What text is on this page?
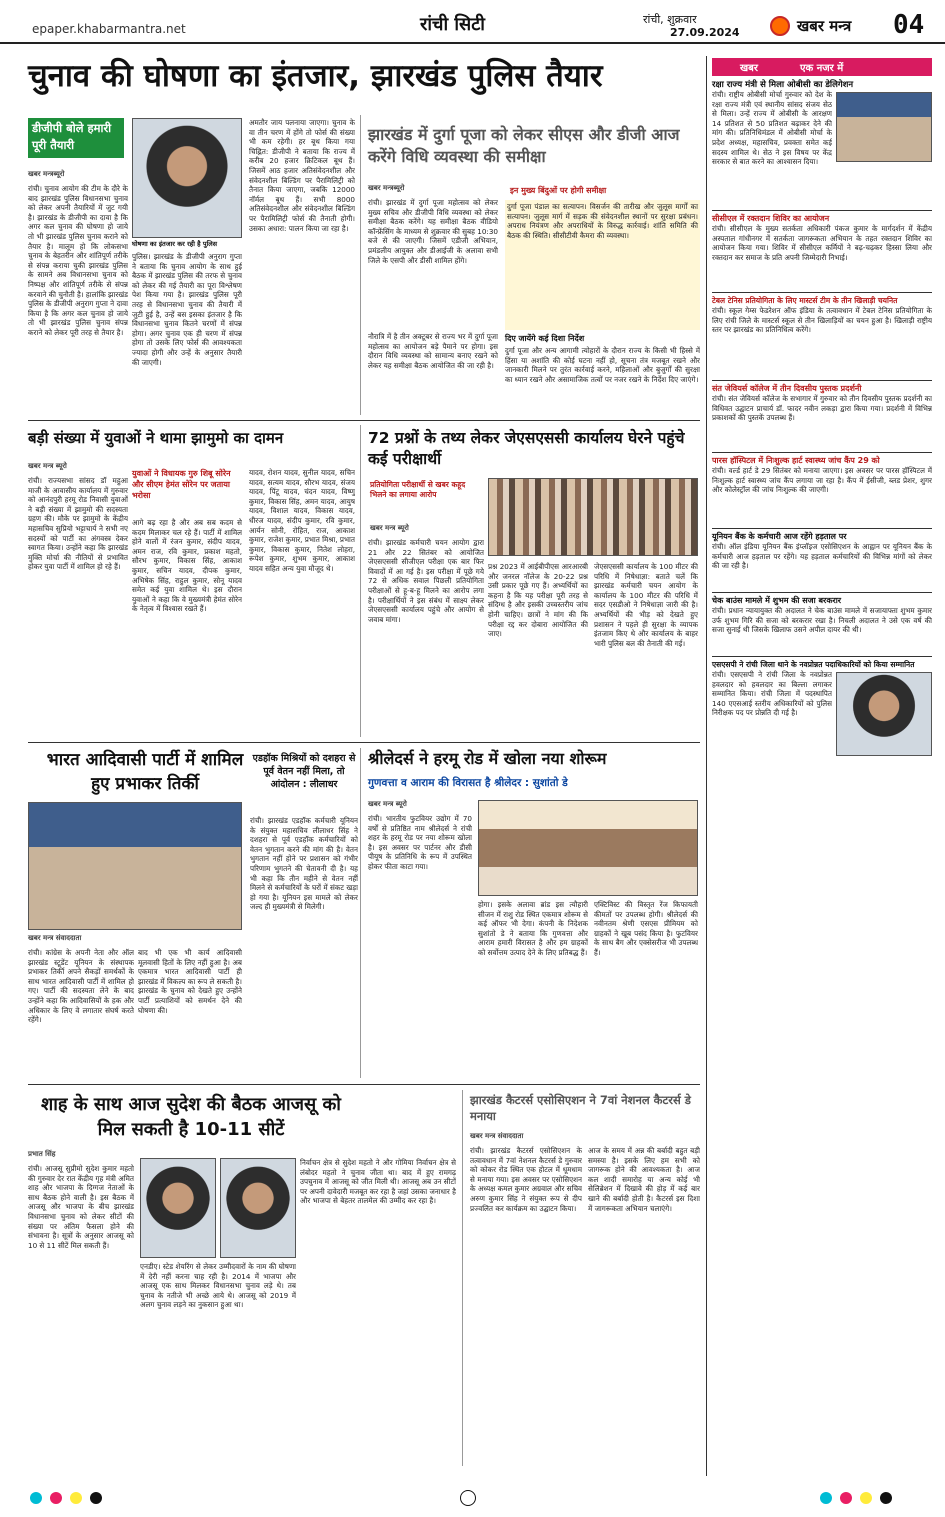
epaper.khabarmantra.net	रांची सिटी	रांची, शुक्रवार
27.09.2024	खबर मन्त्र 04
चुनाव की घोषणा का इंतजार, झारखंड पुलिस तैयार
डीजीपी बोले हमारी पूरी तैयारी
खबर मन्त्रब्यूरो
रांची। चुनाव आयोग की टीम के दौरे के बाद झारखंड पुलिस विधानसभा चुनाव को लेकर अपनी तैयारियों में जुट गयी है। झारखंड के डीजीपी का दावा है कि अगर कल चुनाव की घोषणा हो जाये तो भी झारखंड पुलिस चुनाव कराने को तैयार है। मालूम हो कि लोकसभा चुनाव के बेहतरीन और शांतिपूर्ण तरीके से संपन्न कराया चुकी झारखंड पुलिस के सामने अब विधानसभा चुनाव को निष्पक्ष और शांतिपूर्ण तरीके से संपन्न करवाने की चुनौती है। हालांकि झारखंड पुलिस के डीजीपी अनुराग गुप्ता ने दावा किया है कि अगर कल चुनाव हो जाये तो भी झारखंड पुलिस चुनाव संपन्न कराने को लेकर पूरी तरह से तैयार है।
घोषणा का इंतजार कर रही है पुलिस
पुलिस। झारखंड के डीजीपी अनुराग गुप्ता ने बताया कि चुनाव आयोग के साथ हुई बैठक में झारखंड पुलिस की तरफ से चुनाव को लेकर की गई तैयारी का पूरा विश्लेषण पेश किया गया है। झारखंड पुलिस पूरी तरह से विधानसभा चुनाव की तैयारी में जुटी हुई है, उन्हें बस इसका इंतजार है कि विधानसभा चुनाव कितने चरणों में संपन्न होगा। अगर चुनाव एक ही चरण में संपन्न होगा तो उसके लिए फोर्स की आवश्यकता ज्यादा होगी और उन्हें के अनुसार तैयारी की जाएगी।
अमतौर जाय पलनाया जाएगा। चुनाव के वा तीन चरण में होंगे तो फोर्स की संख्या भी कम रहेगी। हर बूथ किया गया चिह्नित: डीजीपी ने बताया कि राज्य में करीब 20 हजार क्रिटिकल बूथ हैं। जिसमें आठ हजार अतिसंवेदनशील और संवेदनशील बिल्डिंग पर पैरामिलिट्री को तैनात किया जाएगा, जबकि 12000 नॉर्मल बूथ हैं। सभी 8000 अतिसंवेदनशील और संवेदनशील बिल्डिंग पर पैरामिलिट्री फोर्स की तैनाती होगी। उसका अधारा: पालन किया जा रहा है।
झारखंड में दुर्गा पूजा को लेकर सीएस और डीजी आज करेंगे विधि व्यवस्था की समीक्षा
खबर मन्त्रब्यूरो
रांची। झारखंड में दुर्गा पूजा महोत्सव को लेकर मुख्य सचिव और डीजीपी विधि व्यवस्था को लेकर समीक्षा बैठक करेंगे। यह समीक्षा बैठक वीडियो कॉन्फ्रेंसिंग के माध्यम से शुक्रवार की सुबह 10:30 बजे से की जाएगी। जिसमें एडीजी अभियान, प्रमंडलीय आयुक्त और डीआईजी के अलावा सभी जिले के एसपी और डीसी शामिल होंगे।
नौरात्रि में है तीन अक्टूबर से राज्य भर में दुर्गा पूजा महोत्सव का आयोजन बड़े पैमाने पर होगा। इस दौरान विधि व्यवस्था को सामान्य बनाए रखने को लेकर यह समीक्षा बैठक आयोजित की जा रही है।
इन मुख्य बिंदुओं पर होगी समीक्षा
दुर्गा पूजा पंडाल का सत्यापन। विसर्जन की तारीख और जुलूस मार्गों का सत्यापन। जुलूस मार्ग में सड़क की संवेदनशील स्थानों पर सुरक्षा प्रबंधन। अपराध नियंत्रण और अपराधियों के विरुद्ध कार्रवाई। शांति समिति की बैठक की स्थिति। सीसीटीवी कैमरा की व्यवस्था।
दिए जायेंगे कई दिशा निर्देश
दुर्गा पूजा और अन्य आगामी त्योहारों के दौरान राज्य के किसी भी हिस्से में हिंसा या अशांति की कोई घटना नहीं हो, सूचना तंत्र मजबूत रखने और जानकारी मिलने पर तुरंत कार्रवाई करने, महिलाओं और बुजुर्गों की सुरक्षा का ध्यान रखने और असामाजिक तत्वों पर नजर रखने के निर्देश दिए जाएंगे।
बड़ी संख्या में युवाओं ने थामा झामुमो का दामन
खबर मन्त्र ब्यूरो
रांची। राज्यसभा सांसद डॉ महुआ माजी के आवासीय कार्यालय में गुरुवार को आनंदपुरी हरमू रोड निवासी युवाओं ने बड़ी संख्या में झामुमो की सदस्यता ग्रहण की। मौके पर झामुमो के केंद्रीय महासचिव सुप्रियो भट्टाचार्य ने सभी नए सदस्यों को पार्टी का अंगवस्त्र देकर स्वागत किया। उन्होंने कहा कि झारखंड मुक्ति मोर्चा की नीतियों से प्रभावित होकर युवा पार्टी में शामिल हो रहे हैं।
युवाओं ने विधायक गुरु शिबू सोरेन और सीएम हेमंत सोरेन पर जताया भरोसा
आगे बढ़ रहा है और अब सब कदम से कदम मिलाकर चल रहे हैं। पार्टी में शामिल होने वालों में रंजन कुमार, संदीप यादव, अमन राज, रवि कुमार, प्रकाश महतो, सौरभ कुमार, विकास सिंह, आकाश कुमार, सचिन यादव, दीपक कुमार, अभिषेक सिंह, राहुल कुमार, सोनू यादव समेत कई युवा शामिल थे। इस दौरान युवाओं ने कहा कि वे मुख्यमंत्री हेमंत सोरेन के नेतृत्व में विश्वास रखते हैं।
यादव, रोशन यादव, सुनील यादव, सचिन यादव, सत्यम यादव, सौरभ यादव, संजय यादव, पिंटू यादव, चंदन यादव, विष्णु कुमार, विकास सिंह, अमन यादव, आयुष यादव, विशाल यादव, विकास यादव, धीरज यादव, संदीप कुमार, रवि कुमार, आर्यन सोनी, रोहित, राज, आकाश कुमार, राजेश कुमार, प्रभात मिश्रा, प्रभात कुमार, विकास कुमार, नितेश लोहरा, रूपेश कुमार, शुभम कुमार, आकाश यादव सहित अन्य युवा मौजूद थे।
72 प्रश्नों के तथ्य लेकर जेएसएससी कार्यालय घेरने पहुंचे कई परीक्षार्थी
प्रतियोगिता परीक्षार्थी से खबर कहूद भिलने का लगाया आरोप
खबर मन्त्र ब्यूरो
रांची। झारखंड कर्मचारी चयन आयोग द्वारा 21 और 22 सितंबर को आयोजित जेएसएससी सीजीएल परीक्षा एक बार फिर विवादों में आ गई है। इस परीक्षा में पूछे गये 72 से अधिक सवाल पिछली प्रतियोगिता परीक्षाओं से हू-ब-हू मिलने का आरोप लगा है। परीक्षार्थियों ने इस संबंध में साक्ष्य लेकर जेएसएससी कार्यालय पहुंचे और आयोग से जवाब मांगा।
प्रश्न 2023 में आईबीपीएस आरआरबी और जनरल नॉलेज के 20-22 प्रश्न उसी प्रकार पूछे गए हैं। अभ्यर्थियों का कहना है कि यह परीक्षा पूरी तरह से संदिग्ध है और इसकी उच्चस्तरीय जांच होनी चाहिए। छात्रों ने मांग की कि परीक्षा रद्द कर दोबारा आयोजित की जाए।
जेएसएससी कार्यालय के 100 मीटर की परिधि में निषेधाज्ञा: बताते चलें कि झारखंड कर्मचारी चयन आयोग के कार्यालय के 100 मीटर की परिधि में सदर एसडीओ ने निषेधाज्ञा जारी की है। अभ्यर्थियों की भीड़ को देखते हुए प्रशासन ने पहले ही सुरक्षा के व्यापक इंतजाम किए थे और कार्यालय के बाहर भारी पुलिस बल की तैनाती की गई।
भारत आदिवासी पार्टी में शामिल हुए प्रभाकर तिर्की
खबर मन्त्र संवाददाता
रांची। कांग्रेस के अपनी नेता और ऑल झारखंड स्टूडेंट यूनियन के संस्थापक प्रभाकर तिर्की अपने सैकड़ों समर्थकों के साथ भारत आदिवासी पार्टी में शामिल हो गए। पार्टी की सदस्यता लेने के बाद उन्होंने कहा कि आदिवासियों के हक और अधिकार के लिए वे लगातार संघर्ष करते रहेंगे।
बाद भी एक भी कार्य आदिवासी मूलवासी हितों के लिए नहीं हुआ है। अब एकमात्र भारत आदिवासी पार्टी ही झारखंड में विकल्प का रूप ले सकती है। झारखंड के चुनाव को देखते हुए उन्होंने पार्टी प्रत्याशियों को समर्थन देने की घोषणा की।
एडहॉक मिश्रियों को दशहरा से पूर्व वेतन नहीं मिला, तो आंदोलन : लीलाधर
रांची। झारखंड एडहॉक कर्मचारी यूनियन के संयुक्त महासचिव लीलाधर सिंह ने दशहरा से पूर्व एडहॉक कर्मचारियों को वेतन भुगतान करने की मांग की है। वेतन भुगतान नहीं होने पर प्रशासन को गंभीर परिणाम भुगतने की चेतावनी दी है। यह भी कहा कि तीन महीने से वेतन नहीं मिलने से कर्मचारियों के घरों में संकट खड़ा हो गया है। यूनियन इस मामले को लेकर जल्द ही मुख्यमंत्री से मिलेगी।
श्रीलेदर्स ने हरमू रोड में खोला नया शोरूम
गुणवत्ता व आराम की विरासत है श्रीलेदर : सुशांतो डे
खबर मन्त्र ब्यूरो
रांची। भारतीय फुटवियर उद्योग में 70 वर्षों से प्रतिष्ठित नाम श्रीलेदर्स ने रांची शहर के हरमू रोड पर नया शोरूम खोला है। इस अवसर पर पार्टनर और डीसी पीयूष के प्रतिनिधि के रूप में उपस्थित होकर फीता काटा गया।
होगा। इसके अलावा ब्रांड इस त्यौहारी सीजन में राशु रोड स्थित एकमात्र शोरूम से कई ऑफर भी देगा। कंपनी के निदेशक सुशांतो डे ने बताया कि गुणवत्ता और आराम हमारी विरासत है और हम ग्राहकों को सर्वोत्तम उत्पाद देने के लिए प्रतिबद्ध हैं।
एक्टिविस्ट की विस्तृत रेंज किफायती कीमतों पर उपलब्ध होगी। श्रीलेदर्स की नवीनतम श्रेणी एसएस प्रीमियम को ग्राहकों ने खूब पसंद किया है। फुटवियर के साथ बैग और एक्सेसरीज भी उपलब्ध हैं।
शाह के साथ आज सुदेश की बैठक आजसू को मिल सकती है 10-11 सीटें
प्रभात सिंह
रांची। आजसू सुप्रीमो सुदेश कुमार महतो की गुरुवार देर रात केंद्रीय गृह मंत्री अमित शाह और भाजपा के दिग्गज नेताओं के साथ बैठक होने वाली है। इस बैठक में आजसू और भाजपा के बीच झारखंड विधानसभा चुनाव को लेकर सीटों की संख्या पर अंतिम फैसला होने की संभावना है। सूत्रों के अनुसार आजसू को 10 से 11 सीटें मिल सकती हैं।
एनडीए। स्टेड शेयरिंग से लेकर उम्मीदवारों के नाम की घोषणा में देरी नहीं करना चाह रही है। 2014 में भाजपा और आजसू एक साथ मिलकर विधानसभा चुनाव लड़े थे। तब चुनाव के नतीजे भी अच्छे आये थे। आजसू को 2019 में अलग चुनाव लड़ने का नुकसान हुआ था।
निर्वाचन क्षेत्र से सुदेश महतो ने और गोमिया निर्वाचन क्षेत्र से लंबोदर महतो ने चुनाव जीता था। बाद में हुए रामगढ़ उपचुनाव में आजसू को जीत मिली थी। आजसू अब उन सीटों पर अपनी दावेदारी मजबूत कर रहा है जहां उसका जनाधार है और भाजपा से बेहतर तालमेल की उम्मीद कर रहा है।
झारखंड कैटरर्स एसोसिएशन ने 7वां नेशनल कैटरर्स डे मनाया
खबर मन्त्र संवाददाता
रांची। झारखंड कैटरर्स एसोसिएशन के तत्वावधान में 7वां नेशनल कैटरर्स डे गुरुवार को कोकर रोड स्थित एक होटल में धूमधाम से मनाया गया। इस अवसर पर एसोसिएशन के अध्यक्ष कमल कुमार अग्रवाल और सचिव अरुण कुमार सिंह ने संयुक्त रूप से दीप प्रज्वलित कर कार्यक्रम का उद्घाटन किया।
आज के समय में अन्न की बर्बादी बहुत बड़ी समस्या है। इसके लिए हम सभी को जागरूक होने की आवश्यकता है। आज कल शादी समारोह या अन्य कोई भी सेलिब्रेशन में दिखावे की होड़ में कई बार खाने की बर्बादी होती है। कैटरर्स इस दिशा में जागरूकता अभियान चलाएंगे।
खबर	एक नजर में
रक्षा राज्य मंत्री से मिला ओबीसी का डेलिगेशन
रांची। राष्ट्रीय ओबीसी मोर्चा गुरुवार को देश के रक्षा राज्य मंत्री एवं स्थानीय सांसद संजय सेठ से मिला। उन्हें राज्य में ओबीसी के आरक्षण 14 प्रतिशत से 50 प्रतिशत बढ़ाकर देने की मांग की। प्रतिनिधिमंडल में ओबीसी मोर्चा के प्रदेश अध्यक्ष, महासचिव, प्रवक्ता समेत कई सदस्य शामिल थे। सेठ ने इस विषय पर केंद्र सरकार से बात करने का आश्वासन दिया।
सीसीएल में रक्तदान शिविर का आयोजन
रांची। सीसीएल के मुख्य सतर्कता अधिकारी पंकज कुमार के मार्गदर्शन में केंद्रीय अस्पताल गांधीनगर में सतर्कता जागरूकता अभियान के तहत रक्तदान शिविर का आयोजन किया गया। शिविर में सीसीएल कर्मियों ने बढ़-चढ़कर हिस्सा लिया और रक्तदान कर समाज के प्रति अपनी जिम्मेदारी निभाई।
टेबल टेनिस प्रतियोगिता के लिए मास्टर्स टीम के तीन खिलाड़ी चयनित
रांची। स्कूल गेम्स फेडरेशन ऑफ इंडिया के तत्वावधान में टेबल टेनिस प्रतियोगिता के लिए रांची जिले के मास्टर्स स्कूल से तीन खिलाड़ियों का चयन हुआ है। खिलाड़ी राष्ट्रीय स्तर पर झारखंड का प्रतिनिधित्व करेंगे।
संत जेवियर्स कॉलेज में तीन दिवसीय पुस्तक प्रदर्शनी
रांची। संत जेवियर्स कॉलेज के सभागार में गुरुवार को तीन दिवसीय पुस्तक प्रदर्शनी का विधिवत उद्घाटन प्राचार्य डॉ. फादर नवीन लकड़ा द्वारा किया गया। प्रदर्शनी में विभिन्न प्रकाशकों की पुस्तकें उपलब्ध हैं।
पारस हॉस्पिटल में निःशुल्क हार्ट स्वास्थ्य जांच कैंप 29 को
रांची। वर्ल्ड हार्ट डे 29 सितंबर को मनाया जाएगा। इस अवसर पर पारस हॉस्पिटल में निःशुल्क हार्ट स्वास्थ्य जांच कैंप लगाया जा रहा है। कैंप में ईसीजी, ब्लड प्रेशर, शुगर और कोलेस्ट्रॉल की जांच निःशुल्क की जाएगी।
यूनियन बैंक के कर्मचारी आज रहेंगे हड़ताल पर
रांची। ऑल इंडिया यूनियन बैंक इंप्लॉइज एसोसिएशन के आह्वान पर यूनियन बैंक के कर्मचारी आज हड़ताल पर रहेंगे। यह हड़ताल कर्मचारियों की विभिन्न मांगों को लेकर की जा रही है।
चेक बाउंस मामले में शुभम की सजा बरकरार
रांची। प्रधान न्यायायुक्त की अदालत ने चेक बाउंस मामले में सजायाफ्ता शुभम कुमार उर्फ शुभम गिरि की सजा को बरकरार रखा है। निचली अदालत ने उसे एक वर्ष की सजा सुनाई थी जिसके खिलाफ उसने अपील दायर की थी।
एसएसपी ने रांची जिला थाने के नवप्रोन्नत पदाधिकारियों को किया सम्मानित
रांची। एसएसपी ने रांची जिला के नवप्रोन्नत हवलदार को हवलदार का बिल्ला लगाकर सम्मानित किया। रांची जिला में पदस्थापित 140 एएसआई स्तरीय अधिकारियों को पुलिस निरीक्षक पद पर प्रोन्नति दी गई है।
